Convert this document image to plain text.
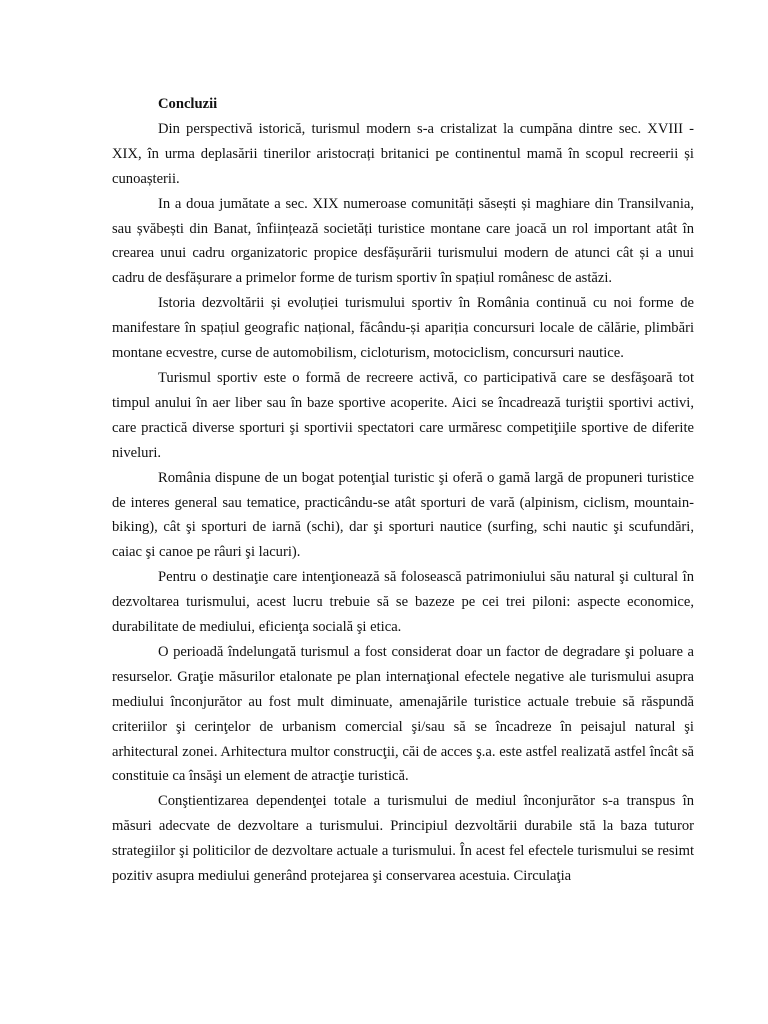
Concluzii

Din perspectivă istorică, turismul modern s-a cristalizat la cumpăna dintre sec. XVIII - XIX, în urma deplasării tinerilor aristocrați britanici pe continentul mamă în scopul recreerii și cunoașterii.

In a doua jumătate a sec. XIX numeroase comunități săsești și maghiare din Transilvania, sau șvăbești din Banat, înființează societăți turistice montane care joacă un rol important atât în crearea unui cadru organizatoric propice desfășurării turismului modern de atunci cât și a unui cadru de desfășurare a primelor forme de turism sportiv în spațiul românesc de astăzi.

Istoria dezvoltării și evoluției turismului sportiv în România continuă cu noi forme de manifestare în spațiul geografic național, făcându-și apariția concursuri locale de călărie, plimbări montane ecvestre, curse de automobilism, cicloturism, motociclism, concursuri nautice.

Turismul sportiv este o formă de recreere activă, co participativă care se desfăşoară tot timpul anului în aer liber sau în baze sportive acoperite. Aici se încadrează turiştii sportivi activi, care practică diverse sporturi şi sportivii spectatori care urmăresc competiţiile sportive de diferite niveluri.

România dispune de un bogat potenţial turistic şi oferă o gamă largă de propuneri turistice de interes general sau tematice, practicându-se atât sporturi de vară (alpinism, ciclism, mountain-biking), cât şi sporturi de iarnă (schi), dar şi sporturi nautice (surfing, schi nautic şi scufundări, caiac şi canoe pe râuri şi lacuri).

Pentru o destinaţie care intenţionează să folosească patrimoniului său natural şi cultural în dezvoltarea turismului, acest lucru trebuie să se bazeze pe cei trei piloni: aspecte economice, durabilitate de mediului, eficienţa socială şi etica.

O perioadă îndelungată turismul a fost considerat doar un factor de degradare şi poluare a resurselor. Graţie măsurilor etalonate pe plan internaţional efectele negative ale turismului asupra mediului înconjurător au fost mult diminuate, amenajările turistice actuale trebuie să răspundă criteriilor şi cerinţelor de urbanism comercial şi/sau să se încadreze în peisajul natural şi arhitectural zonei. Arhitectura multor construcţii, căi de acces ş.a. este astfel realizată astfel încât să constituie ca însăşi un element de atracţie turistică.

Conştientizarea dependenţei totale a turismului de mediul înconjurător s-a transpus în măsuri adecvate de dezvoltare a turismului. Principiul dezvoltării durabile stă la baza tuturor strategiilor şi politicilor de dezvoltare actuale a turismului. În acest fel efectele turismului se resimt pozitiv asupra mediului generând protejarea şi conservarea acestuia. Circulaţia
